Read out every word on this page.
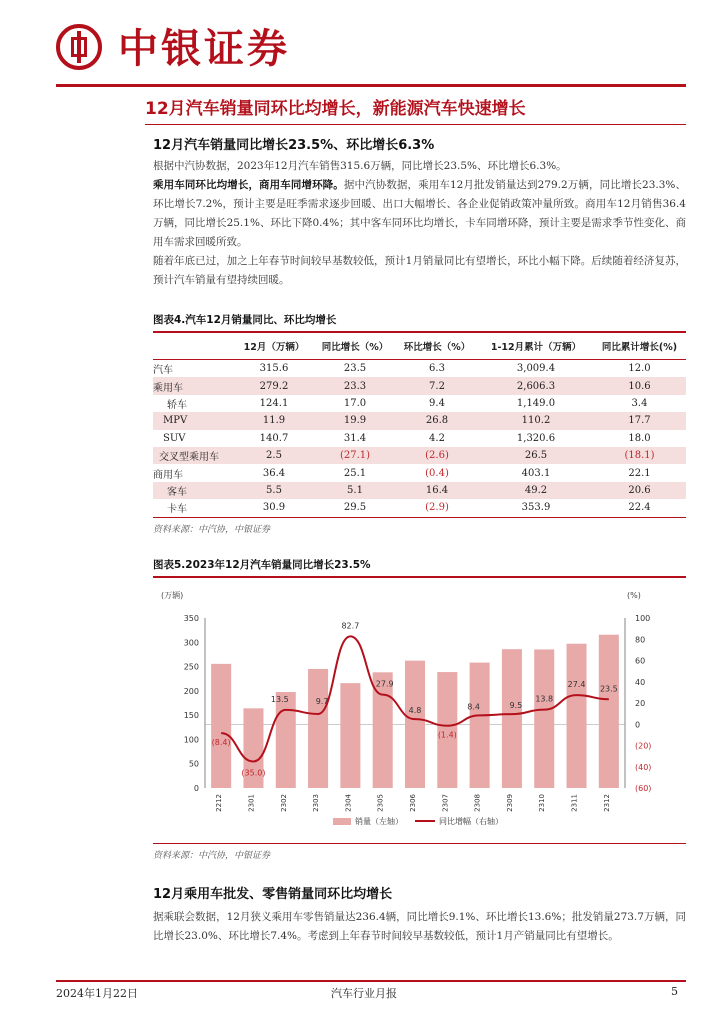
中银证券
12月汽车销量同环比均增长，新能源汽车快速增长
12月汽车销量同比增长23.5%、环比增长6.3%

根据中汽协数据，2023年12月汽车销售315.6万辆，同比增长23.5%、环比增长6.3%。

乘用车同环比均增长，商用车同增环降。据中汽协数据，乘用车12月批发销量达到279.2万辆，同比增长23.3%、环比增长7.2%，预计主要是旺季需求逐步回暖、出口大幅增长、各企业促销政策冲量所致。商用车12月销售36.4万辆，同比增长25.1%、环比下降0.4%；其中客车同环比均增长，卡车同增环降，预计主要是需求季节性变化、商用车需求回暖所致。

随着年底已过，加之上年春节时间较早基数较低，预计1月销量同比有望增长，环比小幅下降。后续随着经济复苏，预计汽车销量有望持续回暖。

图表4.汽车12月销量同比、环比均增长
	12月（万辆）	同比增长（%）	环比增长（%）	1-12月累计（万辆）	同比累计增长(%)
汽车	315.6	23.5	6.3	3,009.4	12.0
乘用车	279.2	23.3	7.2	2,606.3	10.6
轿车	124.1	17.0	9.4	1,149.0	3.4
MPV	11.9	19.9	26.8	110.2	17.7
SUV	140.7	31.4	4.2	1,320.6	18.0
交叉型乘用车	2.5	(27.1)	(2.6)	26.5	(18.1)
商用车	36.4	25.1	(0.4)	403.1	22.1
客车	5.5	5.1	16.4	49.2	20.6
卡车	30.9	29.5	(2.9)	353.9	22.4
资料来源：中汽协，中银证券
图表5.2023年12月汽车销量同比增长23.5%
(万辆)	(%)
350
300
250
200
150
100
50
0
100
80
60
40
20
0
(20)
(40)
(60)
(8.4)
(35.0)
13.5	9.7
82.7
27.9
4.8
(1.4)
8.4	9.5
13.8
27.4 23.5
2212	2301	2302	2303	2304	2305	2306	2307	2308	2309	2310	2311	2312
销量（左轴）	同比增幅（右轴）
资料来源：中汽协，中银证券
12月乘用车批发、零售销量同环比均增长

据乘联会数据，12月狭义乘用车零售销量达236.4辆，同比增长9.1%、环比增长13.6%；批发销量273.7万辆，同比增长23.0%、环比增长7.4%。考虑到上年春节时间较早基数较低，预计1月产销量同比有望增长。

2024年1月22日	汽车行业月报	5
